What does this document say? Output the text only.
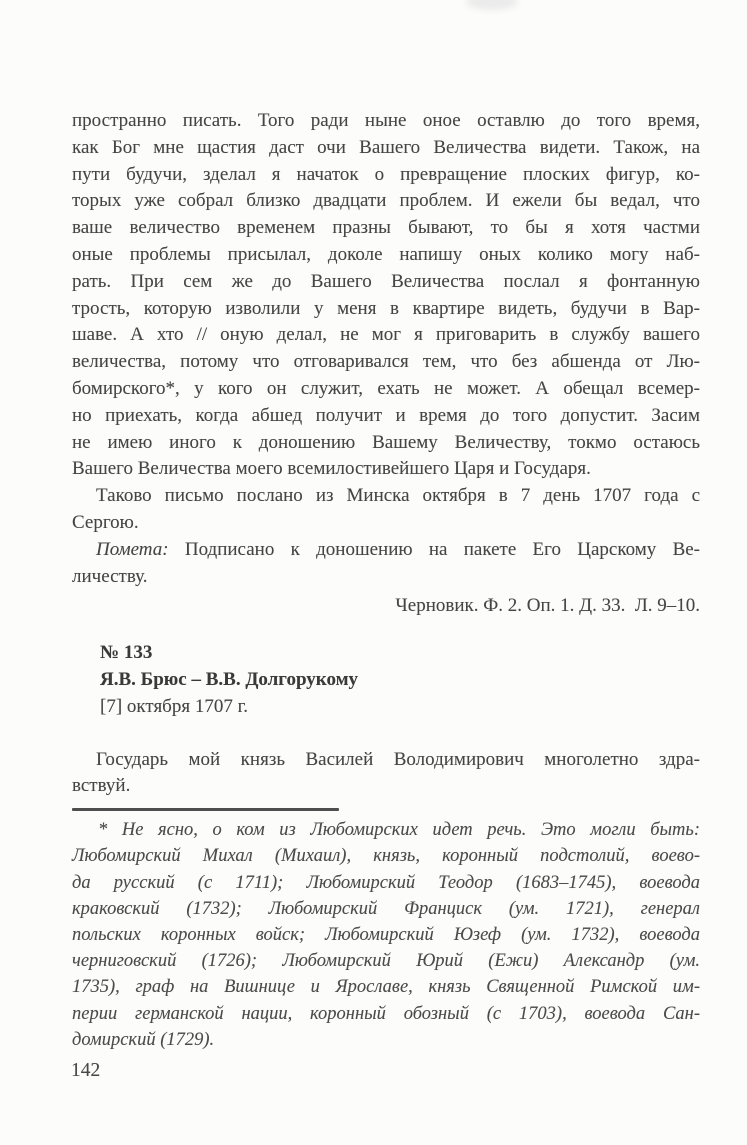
пространно писать. Того ради ныне оное оставлю до того время,
как Бог мне щастия даст очи Вашего Величества видети. Також, на
пути будучи, зделал я начаток о превращение плоских фигур, ко-
торых уже собрал близко двадцати проблем. И ежели бы ведал, что
ваше величество временем празны бывают, то бы я хотя частми
оные проблемы присылал, доколе напишу оных колико могу наб-
рать. При сем же до Вашего Величества послал я фонтанную
трость, которую изволили у меня в квартире видеть, будучи в Вар-
шаве. А хто // оную делал, не мог я приговарить в службу вашего
величества, потому что отговаривался тем, что без абшенда от Лю-
бомирского*, у кого он служит, ехать не может. А обещал всемер-
но приехать, когда абшед получит и время до того допустит. Засим
не имею иного к доношению Вашему Величеству, токмо остаюсь
Вашего Величества моего всемилостивейшего Царя и Государя.
Таково письмо послано из Минска октября в 7 день 1707 года с
Сергою.
Помета: Подписано к доношению на пакете Его Царскому Ве-
личеству.
Черновик. Ф. 2. Оп. 1. Д. 33.  Л. 9–10.
№ 133
Я.В. Брюс – В.В. Долгорукому
[7] октября 1707 г.
Государь мой князь Василей Володимирович многолетно здра-
вствуй.
* Не ясно, о ком из Любомирских идет речь. Это могли быть:
Любомирский Михал (Михаил), князь, коронный подстолий, воево-
да русский (с 1711); Любомирский Теодор (1683–1745), воевода
краковский (1732); Любомирский Франциск (ум. 1721), генерал
польских коронных войск; Любомирский Юзеф (ум. 1732), воевода
черниговский (1726); Любомирский Юрий (Ежи) Александр (ум.
1735), граф на Вишнице и Ярославе, князь Священной Римской им-
перии германской нации, коронный обозный (с 1703), воевода Сан-
домирский (1729).
142
